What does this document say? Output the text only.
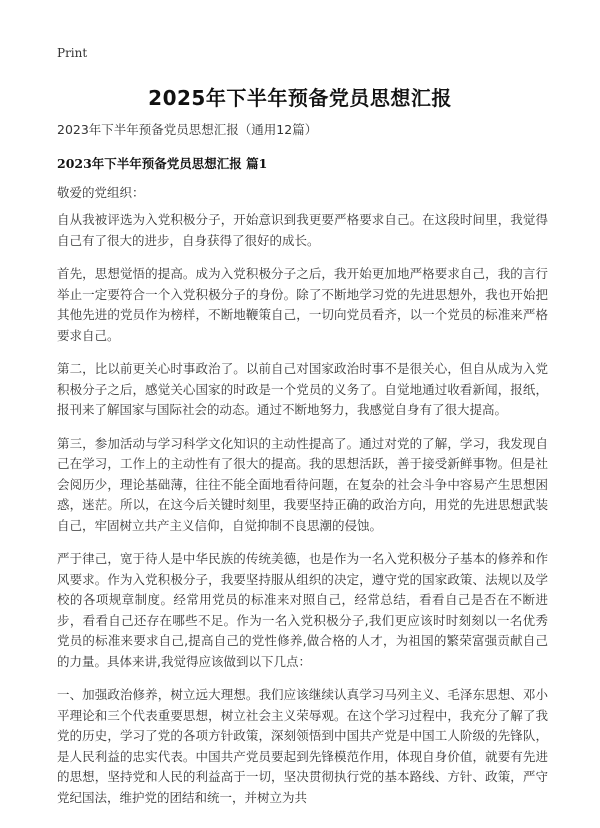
Print
2025年下半年预备党员思想汇报
2023年下半年预备党员思想汇报（通用12篇）
2023年下半年预备党员思想汇报 篇1
敬爱的党组织：

自从我被评选为入党积极分子，开始意识到我更要严格要求自己。在这段时间里，我觉得自己有了很大的进步，自身获得了很好的成长。

首先，思想觉悟的提高。成为入党积极分子之后，我开始更加地严格要求自己，我的言行举止一定要符合一个入党积极分子的身份。除了不断地学习党的先进思想外，我也开始把其他先进的党员作为榜样，不断地鞭策自己，一切向党员看齐，以一个党员的标准来严格要求自己。

第二，比以前更关心时事政治了。以前自己对国家政治时事不是很关心，但自从成为入党积极分子之后，感觉关心国家的时政是一个党员的义务了。自觉地通过收看新闻，报纸，报刊来了解国家与国际社会的动态。通过不断地努力，我感觉自身有了很大提高。

第三，参加活动与学习科学文化知识的主动性提高了。通过对党的了解，学习，我发现自己在学习，工作上的主动性有了很大的提高。我的思想活跃，善于接受新鲜事物。但是社会阅历少，理论基础薄，往往不能全面地看待问题，在复杂的社会斗争中容易产生思想困惑，迷茫。所以，在这今后关键时刻里，我要坚持正确的政治方向，用党的先进思想武装自己，牢固树立共产主义信仰，自觉抑制不良思潮的侵蚀。

严于律己，宽于待人是中华民族的传统美德，也是作为一名入党积极分子基本的修养和作风要求。作为入党积极分子，我要坚持服从组织的决定，遵守党的国家政策、法规以及学校的各项规章制度。经常用党员的标准来对照自己，经常总结，看看自己是否在不断进步，看看自己还存在哪些不足。作为一名入党积极分子,我们更应该时时刻刻以一名优秀党员的标准来要求自己,提高自己的党性修养,做合格的人才，为祖国的繁荣富强贡献自己的力量。具体来讲,我觉得应该做到以下几点：

一、加强政治修养，树立远大理想。我们应该继续认真学习马列主义、毛泽东思想、邓小平理论和三个代表重要思想，树立社会主义荣辱观。在这个学习过程中，我充分了解了我党的历史，学习了党的各项方针政策，深刻领悟到中国共产党是中国工人阶级的先锋队，是人民利益的忠实代表。中国共产党员要起到先锋模范作用，体现自身价值，就要有先进的思想，坚持党和人民的利益高于一切，坚决贯彻执行党的基本路线、方针、政策，严守党纪国法，维护党的团结和统一，并树立为共
